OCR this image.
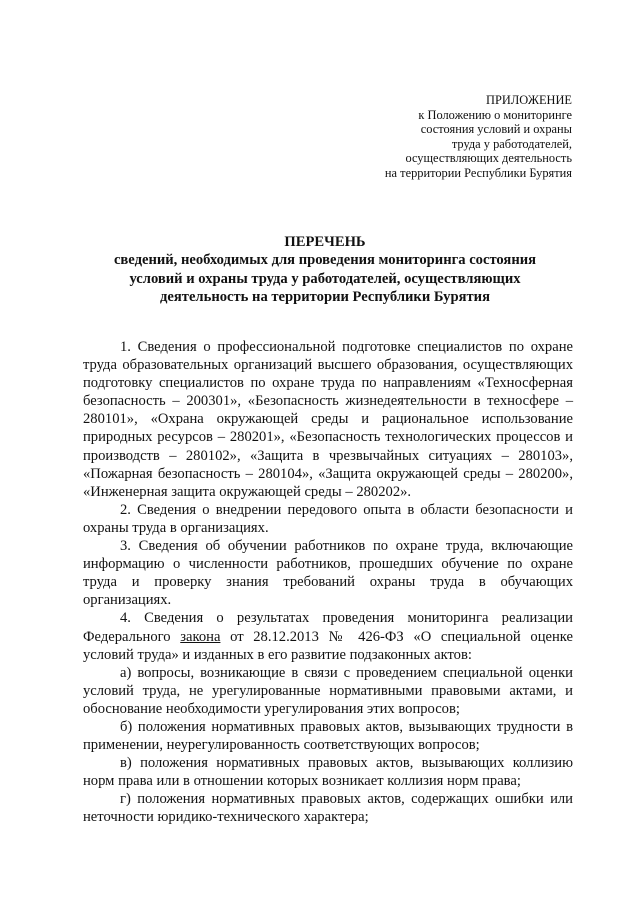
ПРИЛОЖЕНИЕ
к Положению о мониторинге
состояния условий и охраны
труда у работодателей,
осуществляющих деятельность
на территории Республики Бурятия
ПЕРЕЧЕНЬ
сведений, необходимых для проведения мониторинга состояния
условий и охраны труда у работодателей, осуществляющих
деятельность на территории Республики Бурятия

1. Сведения о профессиональной подготовке специалистов по охране труда образовательных организаций высшего образования, осуществляющих подготовку специалистов по охране труда по направлениям «Техносферная безопасность – 200301», «Безопасность жизнедеятельности в техносфере – 280101», «Охрана окружающей среды и рациональное использование природных ресурсов – 280201», «Безопасность технологических процессов и производств – 280102», «Защита в чрезвычайных ситуациях – 280103», «Пожарная безопасность – 280104», «Защита окружающей среды – 280200», «Инженерная защита окружающей среды – 280202».

2. Сведения о внедрении передового опыта в области безопасности и охраны труда в организациях.

3. Сведения об обучении работников по охране труда, включающие информацию о численности работников, прошедших обучение по охране труда и проверку знания требований охраны труда в обучающих организациях.

4. Сведения о результатах проведения мониторинга реализации Федерального закона от 28.12.2013 № 426-ФЗ «О специальной оценке условий труда» и изданных в его развитие подзаконных актов:

а) вопросы, возникающие в связи с проведением специальной оценки условий труда, не урегулированные нормативными правовыми актами, и обоснование необходимости урегулирования этих вопросов;

б) положения нормативных правовых актов, вызывающих трудности в применении, неурегулированность соответствующих вопросов;

в) положения нормативных правовых актов, вызывающих коллизию норм права или в отношении которых возникает коллизия норм права;

г) положения нормативных правовых актов, содержащих ошибки или неточности юридико-технического характера;
